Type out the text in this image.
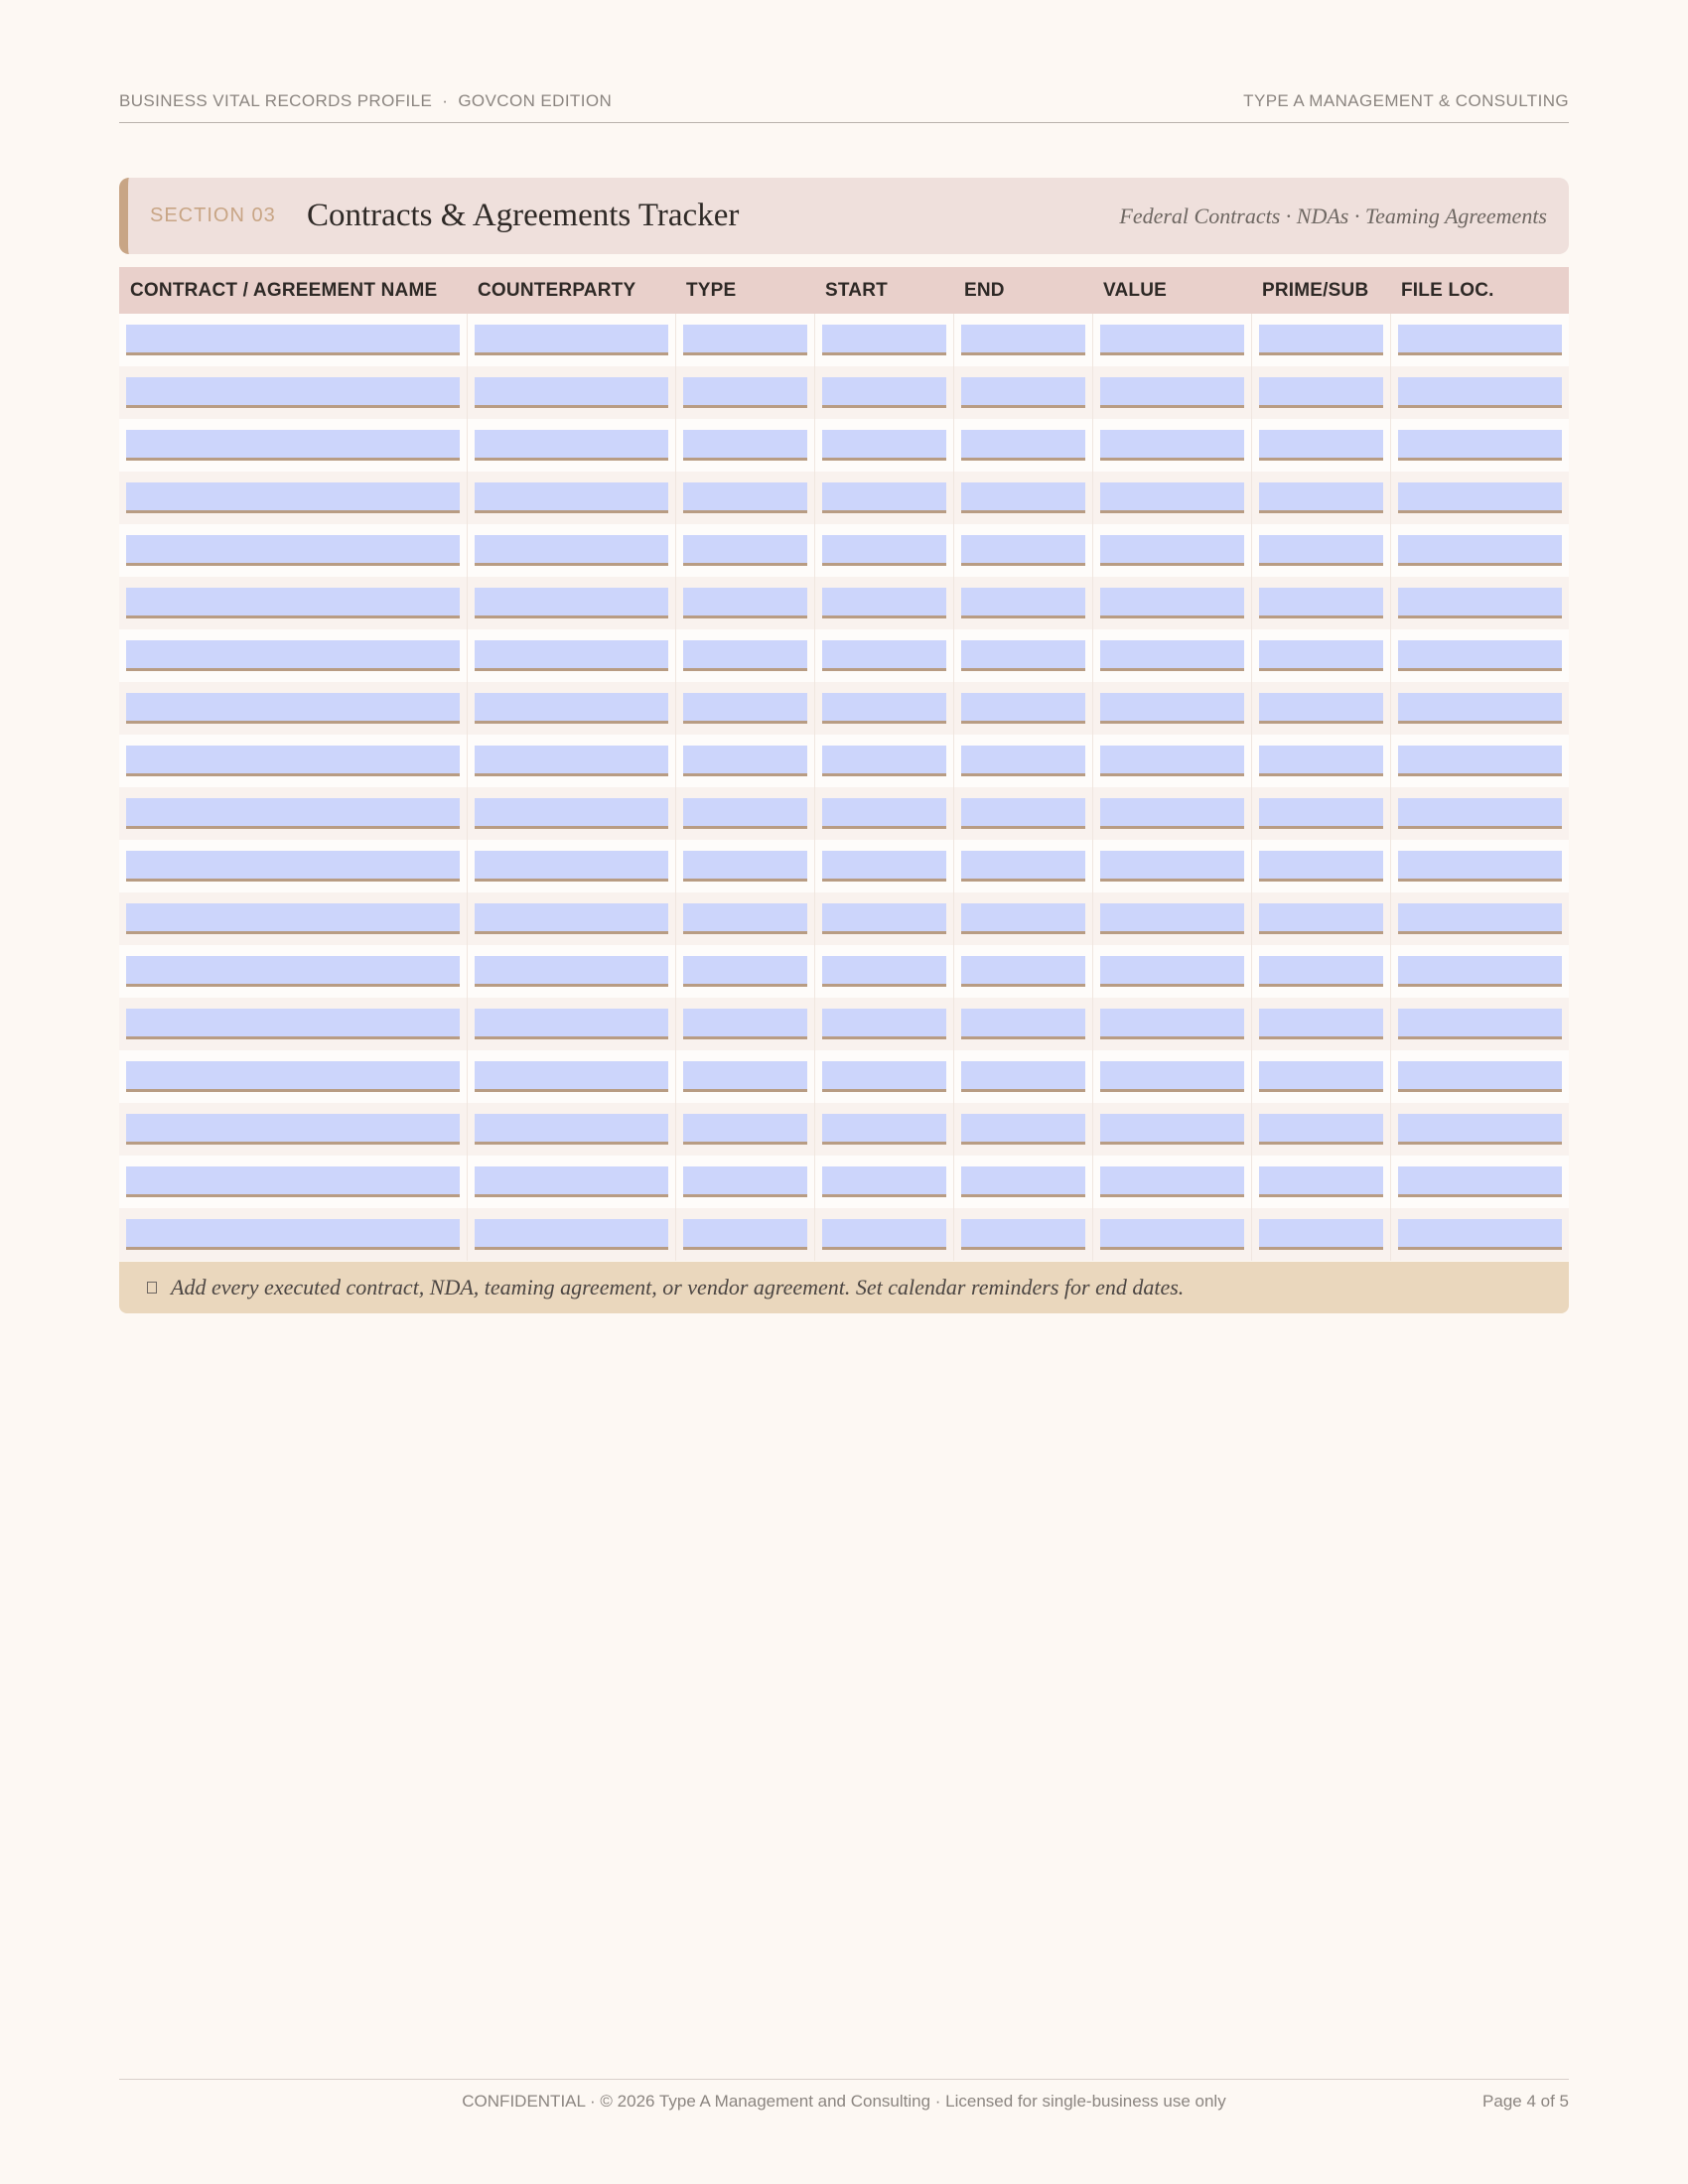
BUSINESS VITAL RECORDS PROFILE · GOVCON EDITION	TYPE A MANAGEMENT & CONSULTING
SECTION 03 Contracts & Agreements Tracker	Federal Contracts · NDAs · Teaming Agreements
CONTRACT / AGREEMENT NAME	COUNTERPARTY	TYPE	START	END	VALUE	PRIME/SUB	FILE LOC.

Add every executed contract, NDA, teaming agreement, or vendor agreement. Set calendar reminders for end dates.
CONFIDENTIAL · © 2026 Type A Management and Consulting · Licensed for single-business use only	Page 4 of 5
